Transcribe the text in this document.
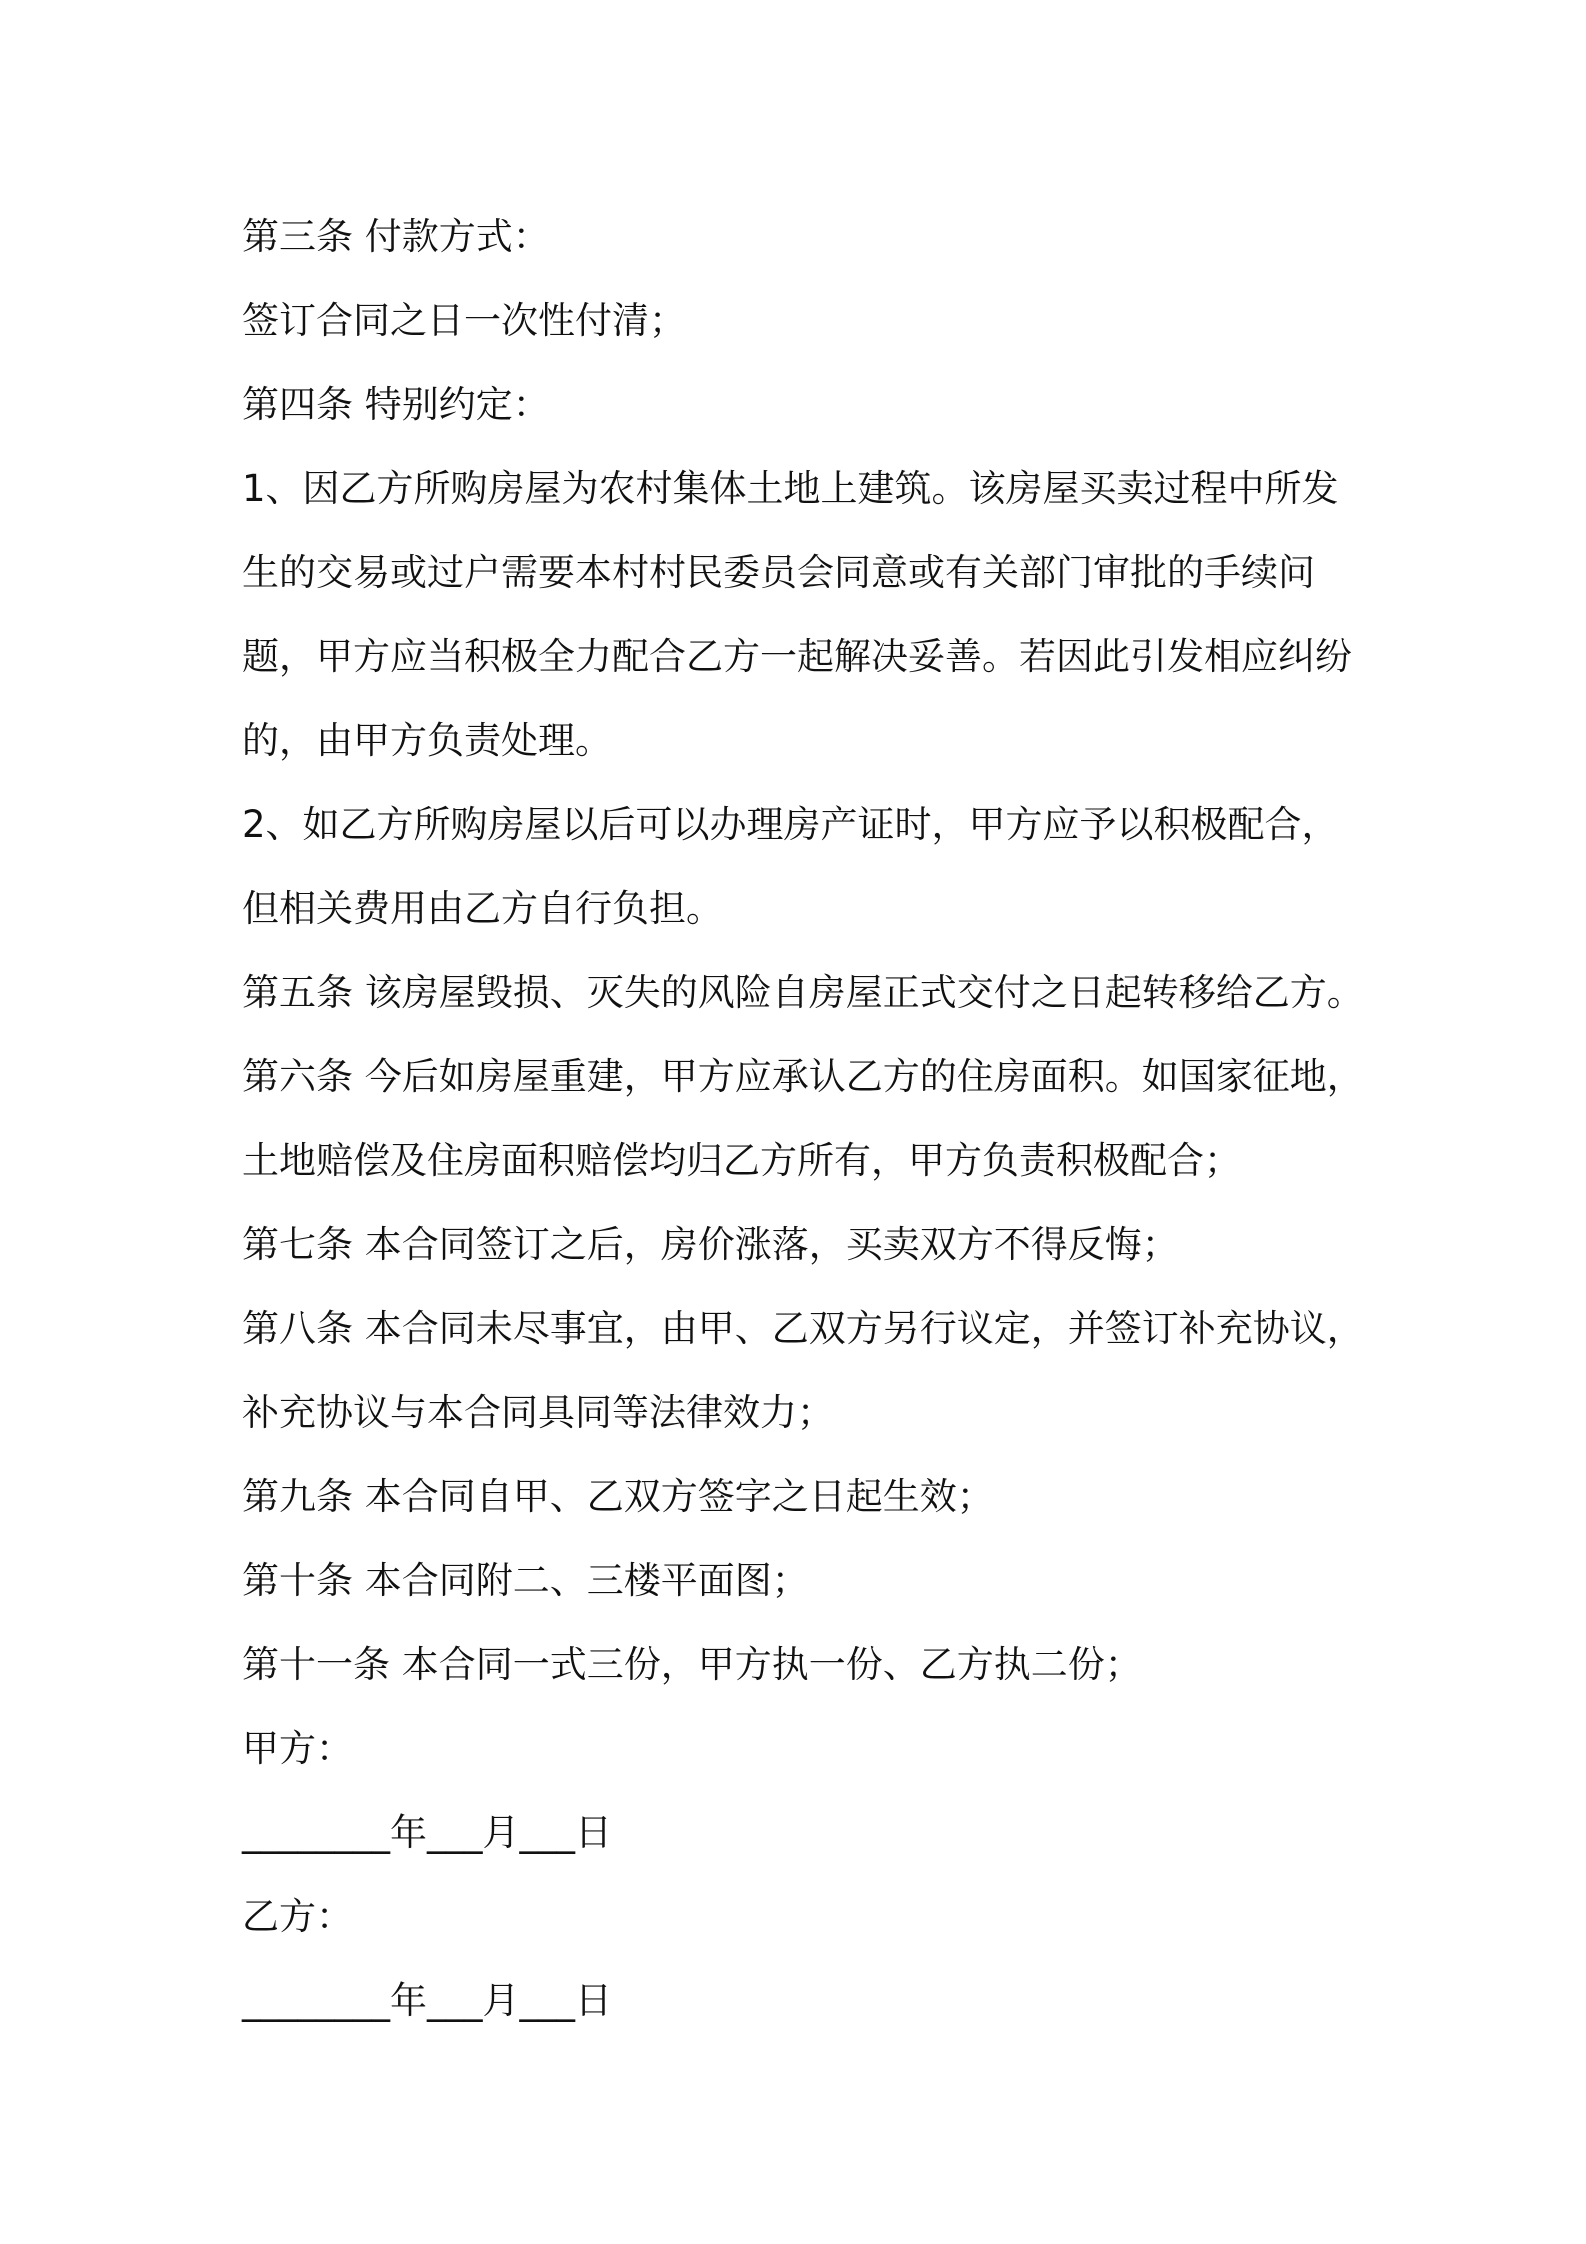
第三条 付款方式：
签订合同之日一次性付清；
第四条 特别约定：
1、因乙方所购房屋为农村集体土地上建筑。该房屋买卖过程中所发
生的交易或过户需要本村村民委员会同意或有关部门审批的手续问
题，甲方应当积极全力配合乙方一起解决妥善。若因此引发相应纠纷
的，由甲方负责处理。
2、如乙方所购房屋以后可以办理房产证时，甲方应予以积极配合，
但相关费用由乙方自行负担。
第五条 该房屋毁损、灭失的风险自房屋正式交付之日起转移给乙方。
第六条 今后如房屋重建，甲方应承认乙方的住房面积。如国家征地，
土地赔偿及住房面积赔偿均归乙方所有，甲方负责积极配合；
第七条 本合同签订之后，房价涨落，买卖双方不得反悔；
第八条 本合同未尽事宜，由甲、乙双方另行议定，并签订补充协议，
补充协议与本合同具同等法律效力；
第九条 本合同自甲、乙双方签字之日起生效；
第十条 本合同附二、三楼平面图；
第十一条 本合同一式三份，甲方执一份、乙方执二份；
甲方：
________年___月___日
乙方：
________年___月___日
